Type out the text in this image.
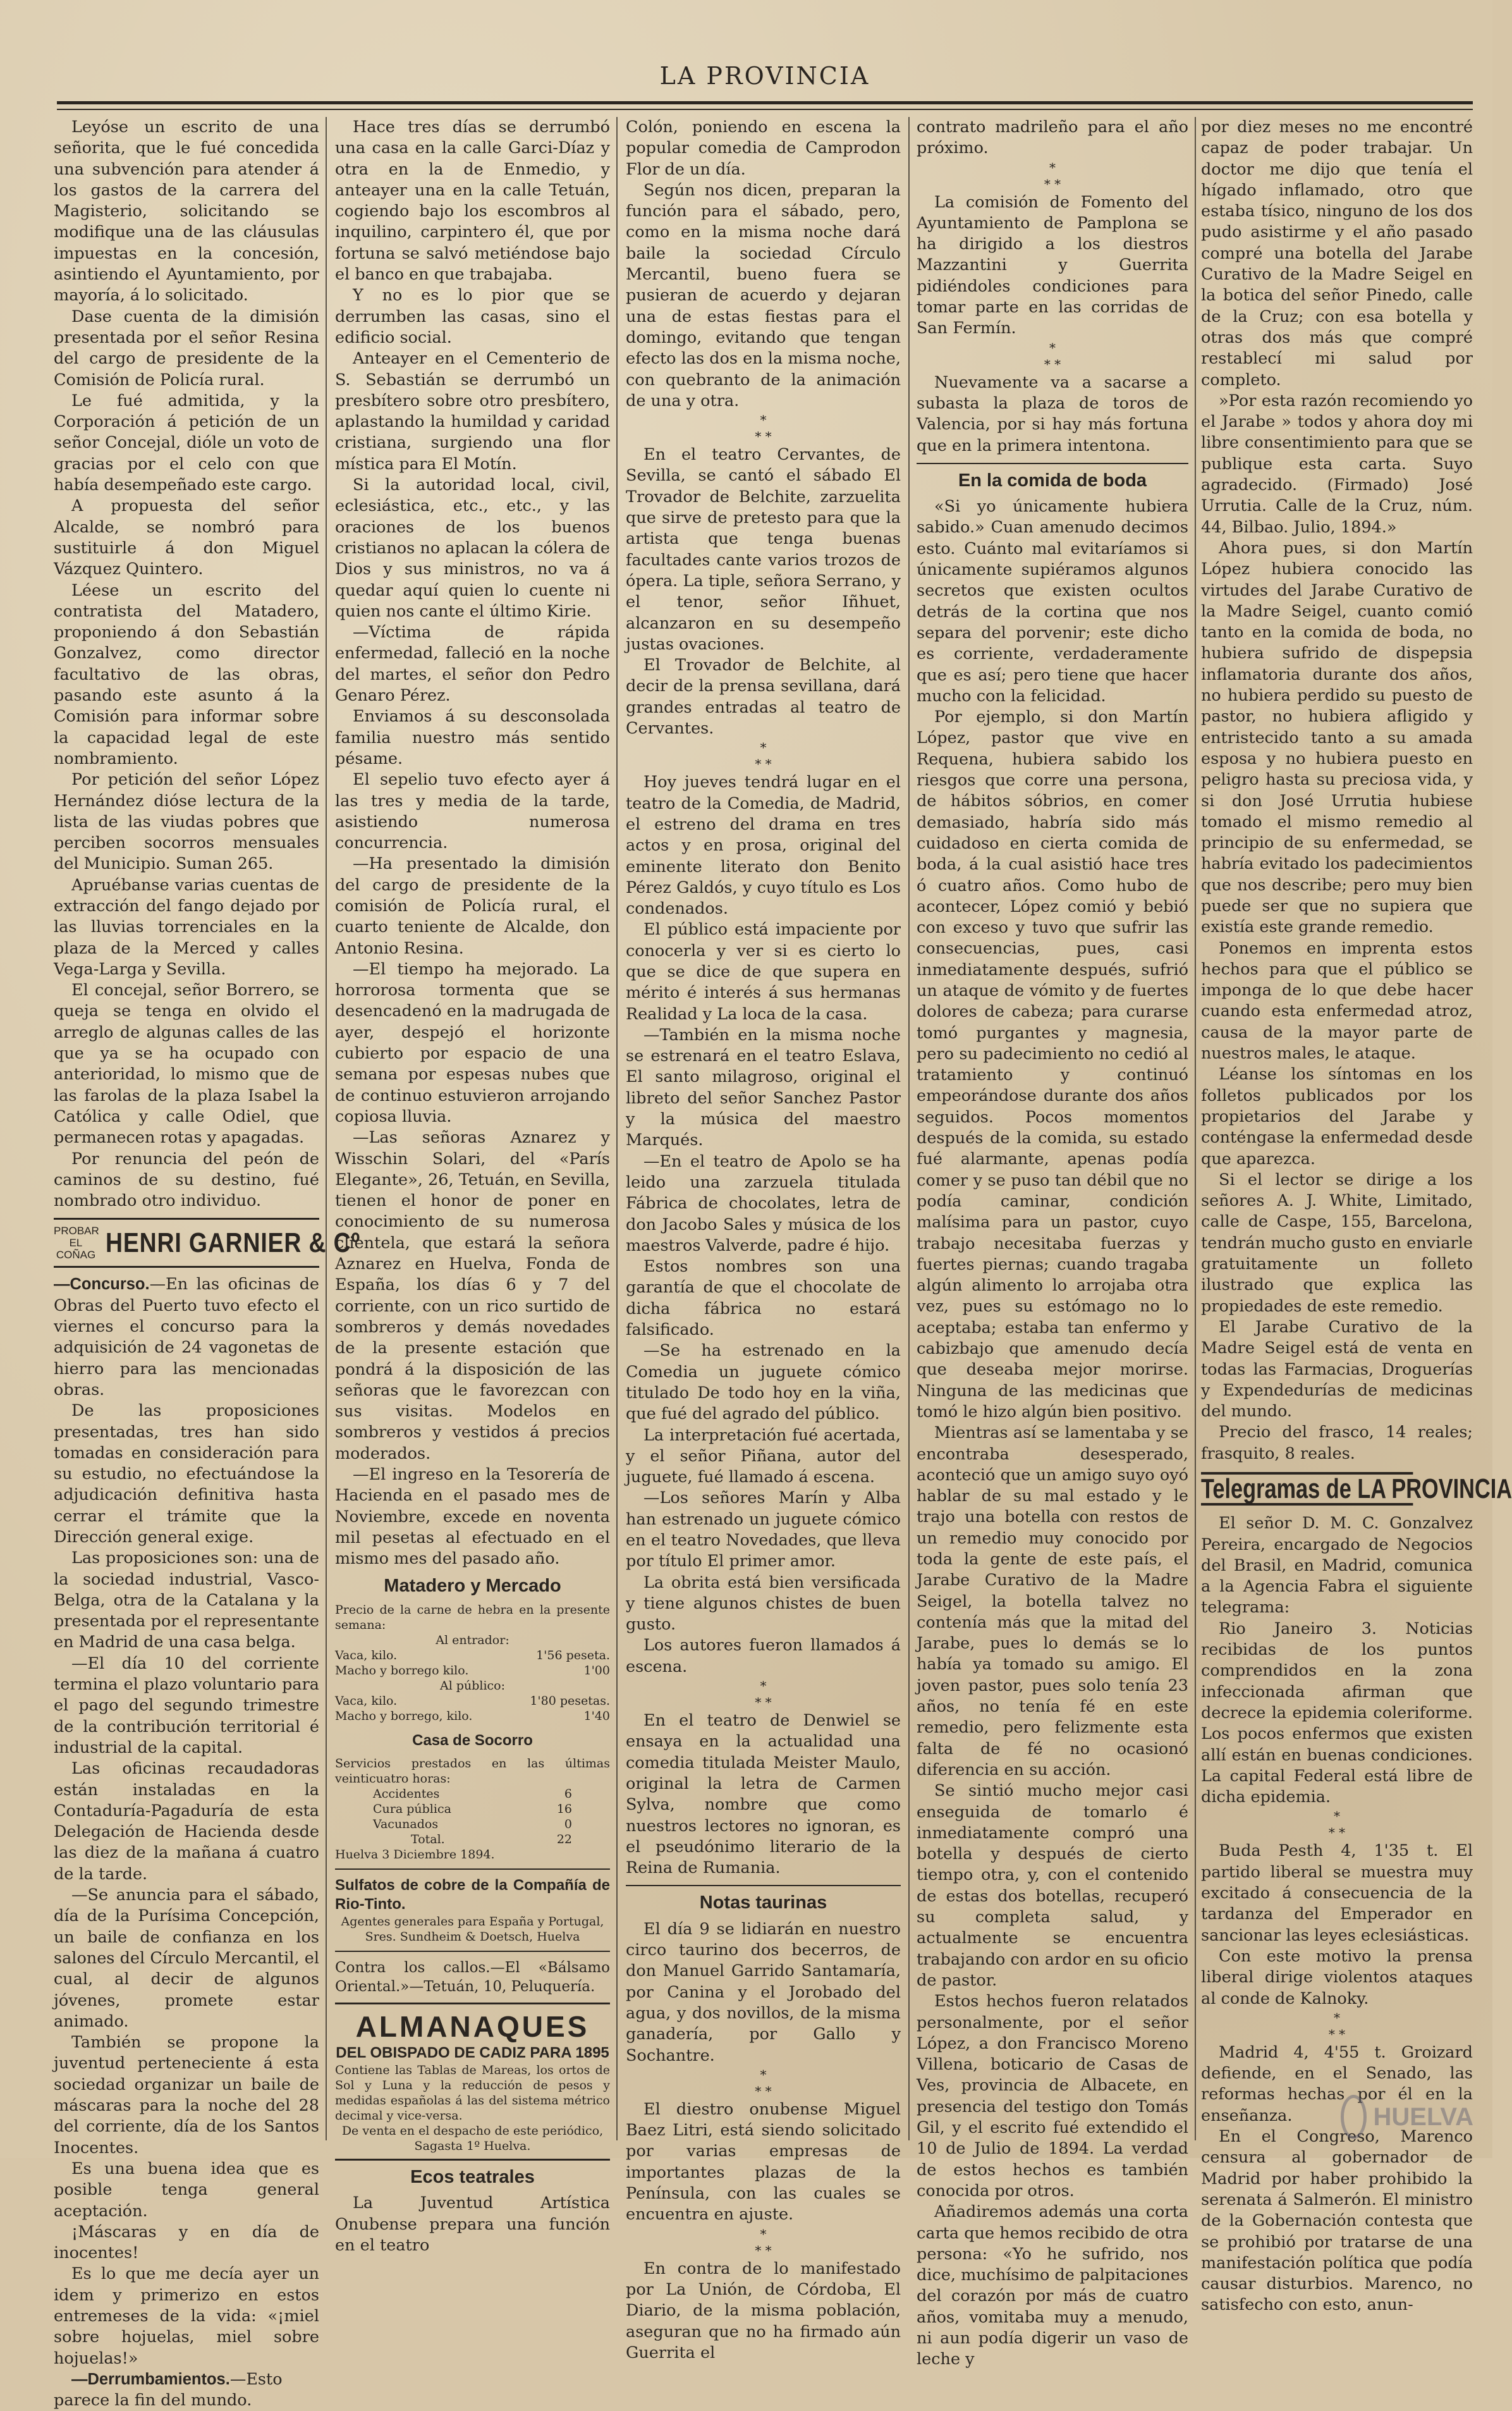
LA PROVINCIA

Leyóse un escrito de una señorita, que le fué concedida una subvención para atender á los gastos de la carrera del Magisterio, solicitando se modifique una de las cláusulas impuestas en la concesión, asintiendo el Ayuntamiento, por mayoría, á lo solicitado.

Dase cuenta de la dimisión presentada por el señor Resina del cargo de presidente de la Comisión de Policía rural.

Le fué admitida, y la Corporación á petición de un señor Concejal, dióle un voto de gracias por el celo con que había desempeñado este cargo.

A propuesta del señor Alcalde, se nombró para sustituirle á don Miguel Vázquez Quintero.

Léese un escrito del contratista del Matadero, proponiendo á don Sebastián Gonzalvez, como director facultativo de las obras, pasando este asunto á la Comisión para informar sobre la capacidad legal de este nombramiento.

Por petición del señor López Hernández dióse lectura de la lista de las viudas pobres que perciben socorros mensuales del Municipio. Suman 265.

Apruébanse varias cuentas de extracción del fango dejado por las lluvias torrenciales en la plaza de la Merced y calles Vega-Larga y Sevilla.

El concejal, señor Borrero, se queja se tenga en olvido el arreglo de algunas calles de las que ya se ha ocupado con anterioridad, lo mismo que de las farolas de la plaza Isabel la Católica y calle Odiel, que permanecen rotas y apagadas.

Por renuncia del peón de caminos de su destino, fué nombrado otro individuo.

PROBAR EL COÑAG HENRI GARNIER & Cº

—Concurso.—En las oficinas de Obras del Puerto tuvo efecto el viernes el concurso para la adquisición de 24 vagonetas de hierro para las mencionadas obras.

De las proposiciones presentadas, tres han sido tomadas en consideración para su estudio, no efectuándose la adjudicación definitiva hasta cerrar el trámite que la Dirección general exige.

Las proposiciones son: una de la sociedad industrial, Vasco-Belga, otra de la Catalana y la presentada por el representante en Madrid de una casa belga.

—El día 10 del corriente termina el plazo voluntario para el pago del segundo trimestre de la contribución territorial é industrial de la capital.

Las oficinas recaudadoras están instaladas en la Contaduría-Pagaduría de esta Delegación de Hacienda desde las diez de la mañana á cuatro de la tarde.

—Se anuncia para el sábado, día de la Purísima Concepción, un baile de confianza en los salones del Círculo Mercantil, el cual, al decir de algunos jóvenes, promete estar animado.

También se propone la juventud perteneciente á esta sociedad organizar un baile de máscaras para la noche del 28 del corriente, día de los Santos Inocentes.

Es una buena idea que es posible tenga general aceptación.

¡Máscaras y en día de inocentes!

Es lo que me decía ayer un idem y primerizo en estos entremeses de la vida: «¡miel sobre hojuelas, miel sobre hojuelas!»

—Derrumbamientos.—Esto parece la fin del mundo.

Hace tres días se derrumbó una casa en la calle Garci-Díaz y otra en la de Enmedio, y anteayer una en la calle Tetuán, cogiendo bajo los escombros al inquilino, carpintero él, que por fortuna se salvó metiéndose bajo el banco en que trabajaba.

Y no es lo pior que se derrumben las casas, sino el edificio social.

Anteayer en el Cementerio de S. Sebastián se derrumbó un presbítero sobre otro presbítero, aplastando la humildad y caridad cristiana, surgiendo una flor mística para El Motín.

Si la autoridad local, civil, eclesiástica, etc., etc., y las oraciones de los buenos cristianos no aplacan la cólera de Dios y sus ministros, no va á quedar aquí quien lo cuente ni quien nos cante el último Kirie.

—Víctima de rápida enfermedad, falleció en la noche del martes, el señor don Pedro Genaro Pérez.

Enviamos á su desconsolada familia nuestro más sentido pésame.

El sepelio tuvo efecto ayer á las tres y media de la tarde, asistiendo numerosa concurrencia.

—Ha presentado la dimisión del cargo de presidente de la comisión de Policía rural, el cuarto teniente de Alcalde, don Antonio Resina.

—El tiempo ha mejorado. La horrorosa tormenta que se desencadenó en la madrugada de ayer, despejó el horizonte cubierto por espacio de una semana por espesas nubes que de continuo estuvieron arrojando copiosa lluvia.

—Las señoras Aznarez y Wisschin Solari, del «París Elegante», 26, Tetuán, en Sevilla, tienen el honor de poner en conocimiento de su numerosa clientela, que estará la señora Aznarez en Huelva, Fonda de España, los días 6 y 7 del corriente, con un rico surtido de sombreros y demás novedades de la presente estación que pondrá á la disposición de las señoras que le favorezcan con sus visitas. Modelos en sombreros y vestidos á precios moderados.

—El ingreso en la Tesorería de Hacienda en el pasado mes de Noviembre, excede en noventa mil pesetas al efectuado en el mismo mes del pasado año.

Matadero y Mercado

Precio de la carne de hebra en la presente semana:

Al entrador:

Vaca, kilo.	1'56 peseta.
Macho y borrego kilo.	1'00

Al público:

Vaca, kilo.	1'80 pesetas.
Macho y borrego, kilo.	1'40
Casa de Socorro

Servicios prestados en las últimas veinticuatro horas:

Accidentes	6
Cura pública	16
Vacunados	0
Total.	22

Huelva 3 Diciembre 1894.

Sulfatos de cobre de la Compañía de Rio-Tinto.

Agentes generales para España y Portugal, Sres. Sundheim & Doetsch, Huelva

Contra los callos.—El «Bálsamo Oriental.»—Tetuán, 10, Peluquería.

ALMANAQUES
DEL OBISPADO DE CADIZ PARA 1895

Contiene las Tablas de Mareas, los ortos de Sol y Luna y la reducción de pesos y medidas españolas á las del sistema métrico decimal y vice-versa.

De venta en el despacho de este periódico, Sagasta 1º Huelva.

Ecos teatrales

La Juventud Artística Onubense prepara una función en el teatro

Colón, poniendo en escena la popular comedia de Camprodon Flor de un día.

Según nos dicen, preparan la función para el sábado, pero, como en la misma noche dará baile la sociedad Círculo Mercantil, bueno fuera se pusieran de acuerdo y dejaran una de estas fiestas para el domingo, evitando que tengan efecto las dos en la misma noche, con quebranto de la animación de una y otra.

*
* *

En el teatro Cervantes, de Sevilla, se cantó el sábado El Trovador de Belchite, zarzuelita que sirve de pretesto para que la artista que tenga buenas facultades cante varios trozos de ópera. La tiple, señora Serrano, y el tenor, señor Iñhuet, alcanzaron en su desempeño justas ovaciones.

El Trovador de Belchite, al decir de la prensa sevillana, dará grandes entradas al teatro de Cervantes.

*
* *

Hoy jueves tendrá lugar en el teatro de la Comedia, de Madrid, el estreno del drama en tres actos y en prosa, original del eminente literato don Benito Pérez Galdós, y cuyo título es Los condenados.

El público está impaciente por conocerla y ver si es cierto lo que se dice de que supera en mérito é interés á sus hermanas Realidad y La loca de la casa.

—También en la misma noche se estrenará en el teatro Eslava, El santo milagroso, original el libreto del señor Sanchez Pastor y la música del maestro Marqués.

—En el teatro de Apolo se ha leido una zarzuela titulada Fábrica de chocolates, letra de don Jacobo Sales y música de los maestros Valverde, padre é hijo.

Estos nombres son una garantía de que el chocolate de dicha fábrica no estará falsificado.

—Se ha estrenado en la Comedia un juguete cómico titulado De todo hoy en la viña, que fué del agrado del público.

La interpretación fué acertada, y el señor Piñana, autor del juguete, fué llamado á escena.

—Los señores Marín y Alba han estrenado un juguete cómico en el teatro Novedades, que lleva por título El primer amor.

La obrita está bien versificada y tiene algunos chistes de buen gusto.

Los autores fueron llamados á escena.

*
* *

En el teatro de Denwiel se ensaya en la actualidad una comedia titulada Meister Maulo, original la letra de Carmen Sylva, nombre que como nuestros lectores no ignoran, es el pseudónimo literario de la Reina de Rumania.

Notas taurinas

El día 9 se lidiarán en nuestro circo taurino dos becerros, de don Manuel Garrido Santamaría, por Canina y el Jorobado del agua, y dos novillos, de la misma ganadería, por Gallo y Sochantre.

*
* *

El diestro onubense Miguel Baez Litri, está siendo solicitado por varias empresas de importantes plazas de la Península, con las cuales se encuentra en ajuste.

*
* *

En contra de lo manifestado por La Unión, de Córdoba, El Diario, de la misma población, aseguran que no ha firmado aún Guerrita el

contrato madrileño para el año próximo.

*
* *

La comisión de Fomento del Ayuntamiento de Pamplona se ha dirigido a los diestros Mazzantini y Guerrita pidiéndoles condiciones para tomar parte en las corridas de San Fermín.

*
* *

Nuevamente va a sacarse a subasta la plaza de toros de Valencia, por si hay más fortuna que en la primera intentona.

En la comida de boda

«Si yo únicamente hubiera sabido.» Cuan amenudo decimos esto. Cuánto mal evitaríamos si únicamente supiéramos algunos secretos que existen ocultos detrás de la cortina que nos separa del porvenir; este dicho es corriente, verdaderamente que es así; pero tiene que hacer mucho con la felicidad.

Por ejemplo, si don Martín López, pastor que vive en Requena, hubiera sabido los riesgos que corre una persona, de hábitos sóbrios, en comer demasiado, habría sido más cuidadoso en cierta comida de boda, á la cual asistió hace tres ó cuatro años. Como hubo de acontecer, López comió y bebió con exceso y tuvo que sufrir las consecuencias, pues, casi inmediatamente después, sufrió un ataque de vómito y de fuertes dolores de cabeza; para curarse tomó purgantes y magnesia, pero su padecimiento no cedió al tratamiento y continuó empeorándose durante dos años seguidos. Pocos momentos después de la comida, su estado fué alarmante, apenas podía comer y se puso tan débil que no podía caminar, condición malísima para un pastor, cuyo trabajo necesitaba fuerzas y fuertes piernas; cuando tragaba algún alimento lo arrojaba otra vez, pues su estómago no lo aceptaba; estaba tan enfermo y cabizbajo que amenudo decía que deseaba mejor morirse. Ninguna de las medicinas que tomó le hizo algún bien positivo.

Mientras así se lamentaba y se encontraba desesperado, aconteció que un amigo suyo oyó hablar de su mal estado y le trajo una botella con restos de un remedio muy conocido por toda la gente de este país, el Jarabe Curativo de la Madre Seigel, la botella talvez no contenía más que la mitad del Jarabe, pues lo demás se lo había ya tomado su amigo. El joven pastor, pues solo tenía 23 años, no tenía fé en este remedio, pero felizmente esta falta de fé no ocasionó diferencia en su acción.

Se sintió mucho mejor casi enseguida de tomarlo é inmediatamente compró una botella y después de cierto tiempo otra, y, con el contenido de estas dos botellas, recuperó su completa salud, y actualmente se encuentra trabajando con ardor en su oficio de pastor.

Estos hechos fueron relatados personalmente, por el señor López, a don Francisco Moreno Villena, boticario de Casas de Ves, provincia de Albacete, en presencia del testigo don Tomás Gil, y el escrito fué extendido el 10 de Julio de 1894. La verdad de estos hechos es también conocida por otros.

Añadiremos además una corta carta que hemos recibido de otra persona: «Yo he sufrido, nos dice, muchísimo de palpitaciones del corazón por más de cuatro años, vomitaba muy a menudo, ni aun podía digerir un vaso de leche y

por diez meses no me encontré capaz de poder trabajar. Un doctor me dijo que tenía el hígado inflamado, otro que estaba tísico, ninguno de los dos pudo asistirme y el año pasado compré una botella del Jarabe Curativo de la Madre Seigel en la botica del señor Pinedo, calle de la Cruz; con esa botella y otras dos más que compré restablecí mi salud por completo.

»Por esta razón recomiendo yo el Jarabe » todos y ahora doy mi libre consentimiento para que se publique esta carta. Suyo agradecido. (Firmado) José Urrutia. Calle de la Cruz, núm. 44, Bilbao. Julio, 1894.»

Ahora pues, si don Martín López hubiera conocido las virtudes del Jarabe Curativo de la Madre Seigel, cuanto comió tanto en la comida de boda, no hubiera sufrido de dispepsia inflamatoria durante dos años, no hubiera perdido su puesto de pastor, no hubiera afligido y entristecido tanto a su amada esposa y no hubiera puesto en peligro hasta su preciosa vida, y si don José Urrutia hubiese tomado el mismo remedio al principio de su enfermedad, se habría evitado los padecimientos que nos describe; pero muy bien puede ser que no supiera que existía este grande remedio.

Ponemos en imprenta estos hechos para que el público se imponga de lo que debe hacer cuando esta enfermedad atroz, causa de la mayor parte de nuestros males, le ataque.

Léanse los síntomas en los folletos publicados por los propietarios del Jarabe y conténgase la enfermedad desde que aparezca.

Si el lector se dirige a los señores A. J. White, Limitado, calle de Caspe, 155, Barcelona, tendrán mucho gusto en enviarle gratuitamente un folleto ilustrado que explica las propiedades de este remedio.

El Jarabe Curativo de la Madre Seigel está de venta en todas las Farmacias, Droguerías y Expendedurías de medicinas del mundo.

Precio del frasco, 14 reales; frasquito, 8 reales.

Telegramas de LA PROVINCIA

El señor D. M. C. Gonzalvez Pereira, encargado de Negocios del Brasil, en Madrid, comunica a la Agencia Fabra el siguiente telegrama:

Rio Janeiro 3. Noticias recibidas de los puntos comprendidos en la zona infeccionada afirman que decrece la epidemia coleriforme. Los pocos enfermos que existen allí están en buenas condiciones. La capital Federal está libre de dicha epidemia.

*
* *

Buda Pesth 4, 1'35 t. El partido liberal se muestra muy excitado á consecuencia de la tardanza del Emperador en sancionar las leyes eclesiásticas.

Con este motivo la prensa liberal dirige violentos ataques al conde de Kalnoky.

*
* *

Madrid 4, 4'55 t. Groizard defiende, en el Senado, las reformas hechas por él en la enseñanza.

En el Congreso, Marenco censura al gobernador de Madrid por haber prohibido la serenata á Salmerón. El ministro de la Gobernación contesta que se prohibió por tratarse de una manifestación política que podía causar disturbios. Marenco, no satisfecho con esto, anun-

HUELVA
